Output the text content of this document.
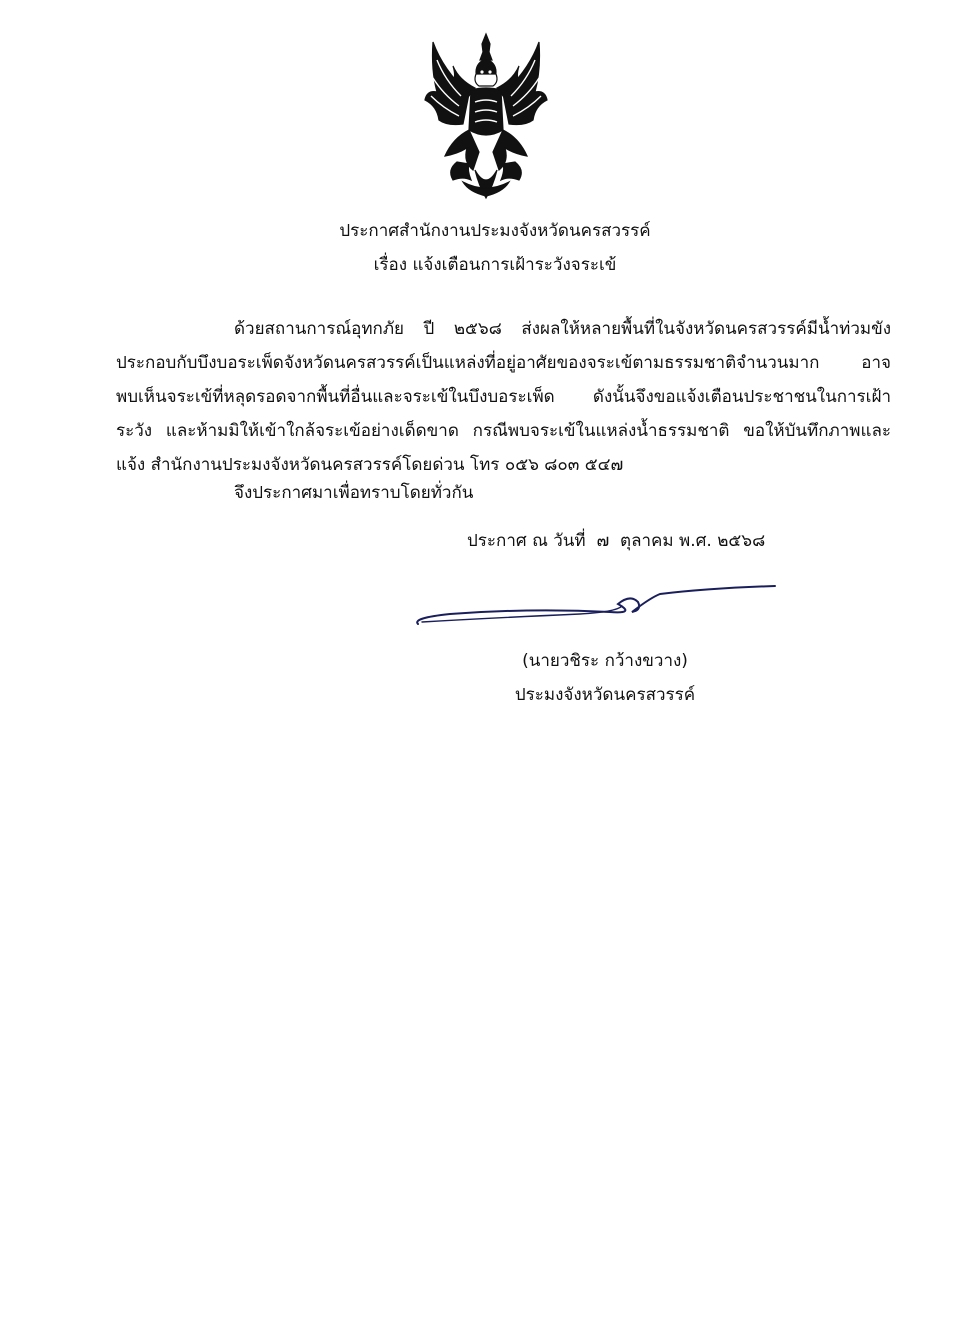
ประกาศสำนักงานประมงจังหวัดนครสวรรค์
เรื่อง แจ้งเตือนการเฝ้าระวังจระเข้

ด้วยสถานการณ์อุทกภัย ปี ๒๕๖๘ ส่งผลให้หลายพื้นที่ในจังหวัดนครสวรรค์มีน้ำท่วมขัง ประกอบกับบึงบอระเพ็ดจังหวัดนครสวรรค์เป็นแหล่งที่อยู่อาศัยของจระเข้ตามธรรมชาติจำนวนมาก อาจพบเห็นจระเข้ที่หลุดรอดจากพื้นที่อื่นและจระเข้ในบึงบอระเพ็ด ดังนั้นจึงขอแจ้งเตือนประชาชนในการเฝ้าระวัง และห้ามมิให้เข้าใกล้จระเข้อย่างเด็ดขาด กรณีพบจระเข้ในแหล่งน้ำธรรมชาติ ขอให้บันทึกภาพและแจ้ง สำนักงานประมงจังหวัดนครสวรรค์โดยด่วน โทร ๐๕๖ ๘๐๓ ๕๔๗

จึงประกาศมาเพื่อทราบโดยทั่วกัน
ประกาศ ณ วันที่  ๗  ตุลาคม พ.ศ. ๒๕๖๘
(นายวชิระ กว้างขวาง)
ประมงจังหวัดนครสวรรค์
